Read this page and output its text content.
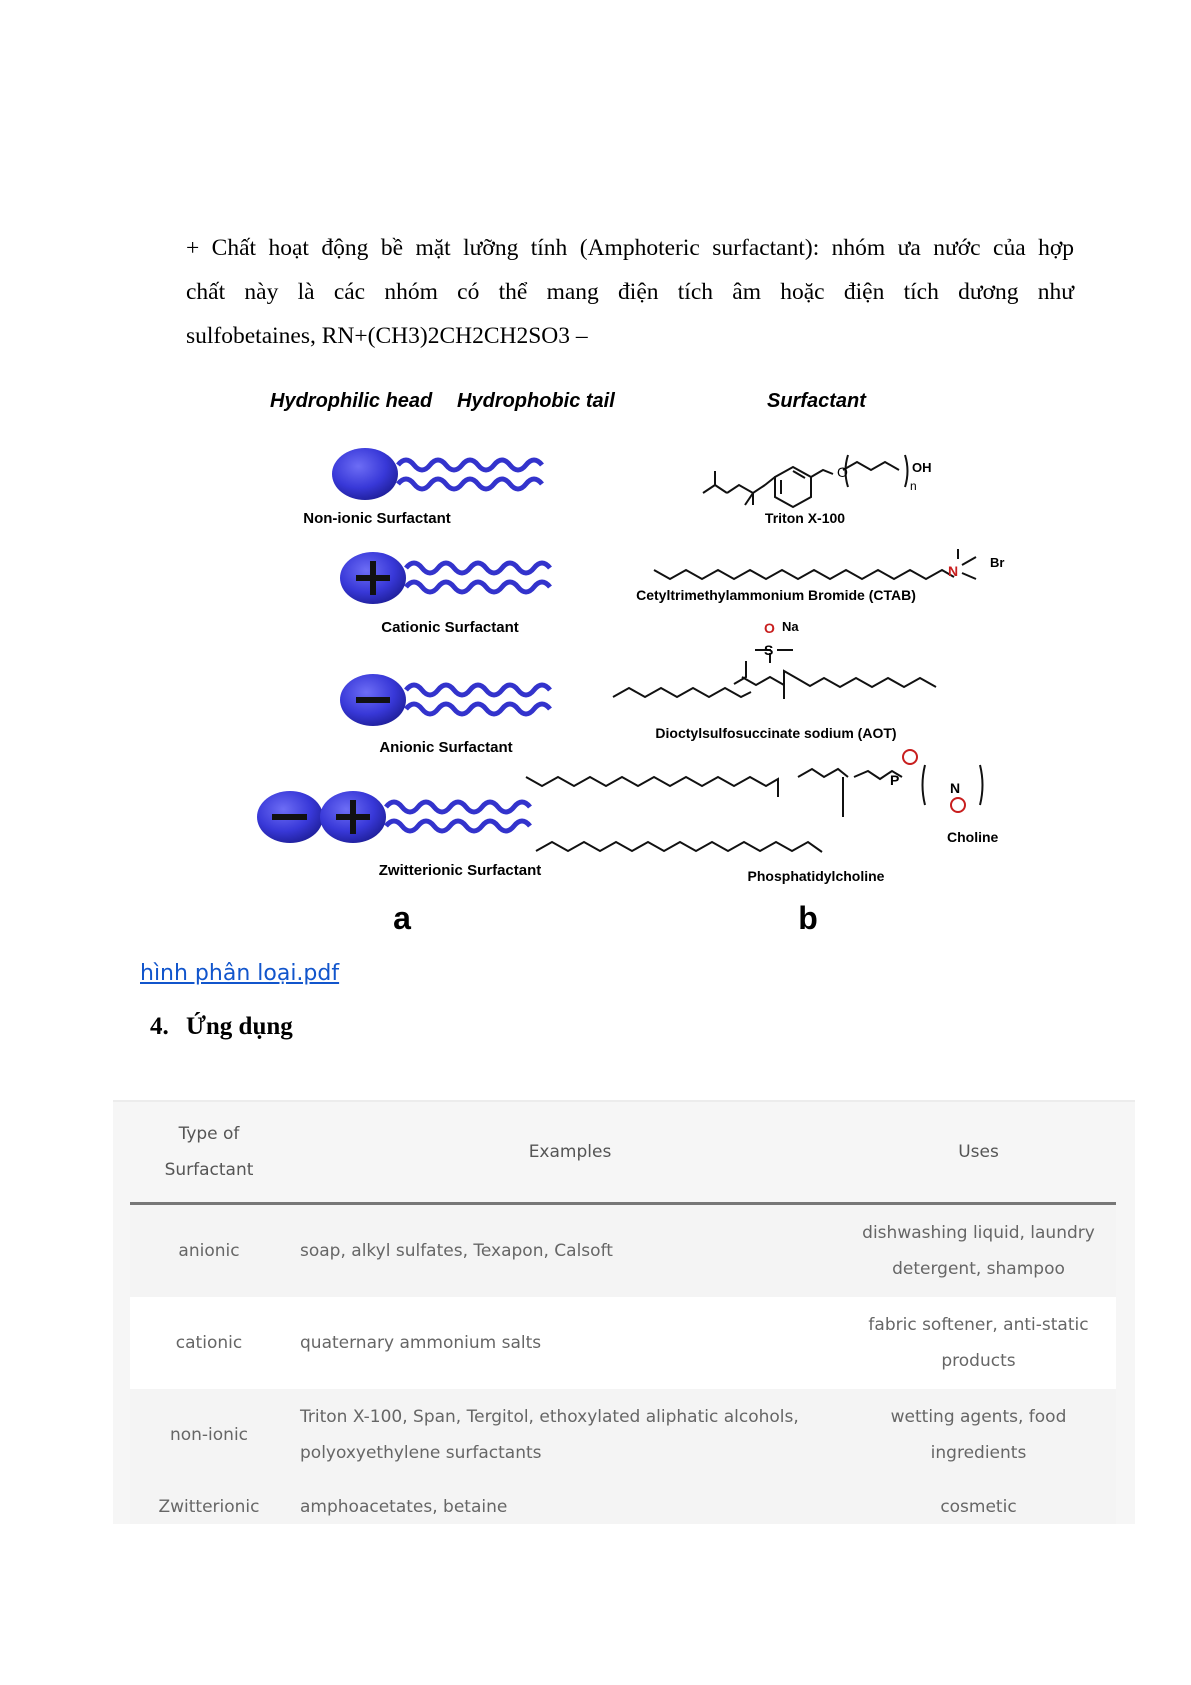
+ Chất hoạt động bề mặt lưỡng tính (Amphoteric surfactant): nhóm ưa nước của hợp
chất này là các nhóm có thể mang điện tích âm hoặc điện tích dương như
sulfobetaines, RN+(CH3)2CH2CH2SO3 –
Hydrophilic head Hydrophobic tail	Surfactant
Non-ionic Surfactant
Cationic Surfactant
Anionic Surfactant
Zwitterionic Surfactant
O	OH
n
Triton X-100
N
Br
Cetyltrimethylammonium Bromide (CTAB)
S
O Na
Dioctylsulfosuccinate sodium (AOT)
P	N
Choline
Phosphatidylcholine
a	b
hình phân loại.pdf
4. Ứng dụng
Type of
Surfactant	Examples	Uses
anionic	soap, alkyl sulfates, Texapon, Calsoft	dishwashing liquid, laundry
detergent, shampoo

cationic	quaternary ammonium salts	fabric softener, anti-static
products

non-ionic	Triton X-100, Span, Tergitol, ethoxylated aliphatic alcohols,
polyoxyethylene surfactants	wetting agents, food ingredients
Zwitterionic	amphoacetates, betaine	cosmetic
